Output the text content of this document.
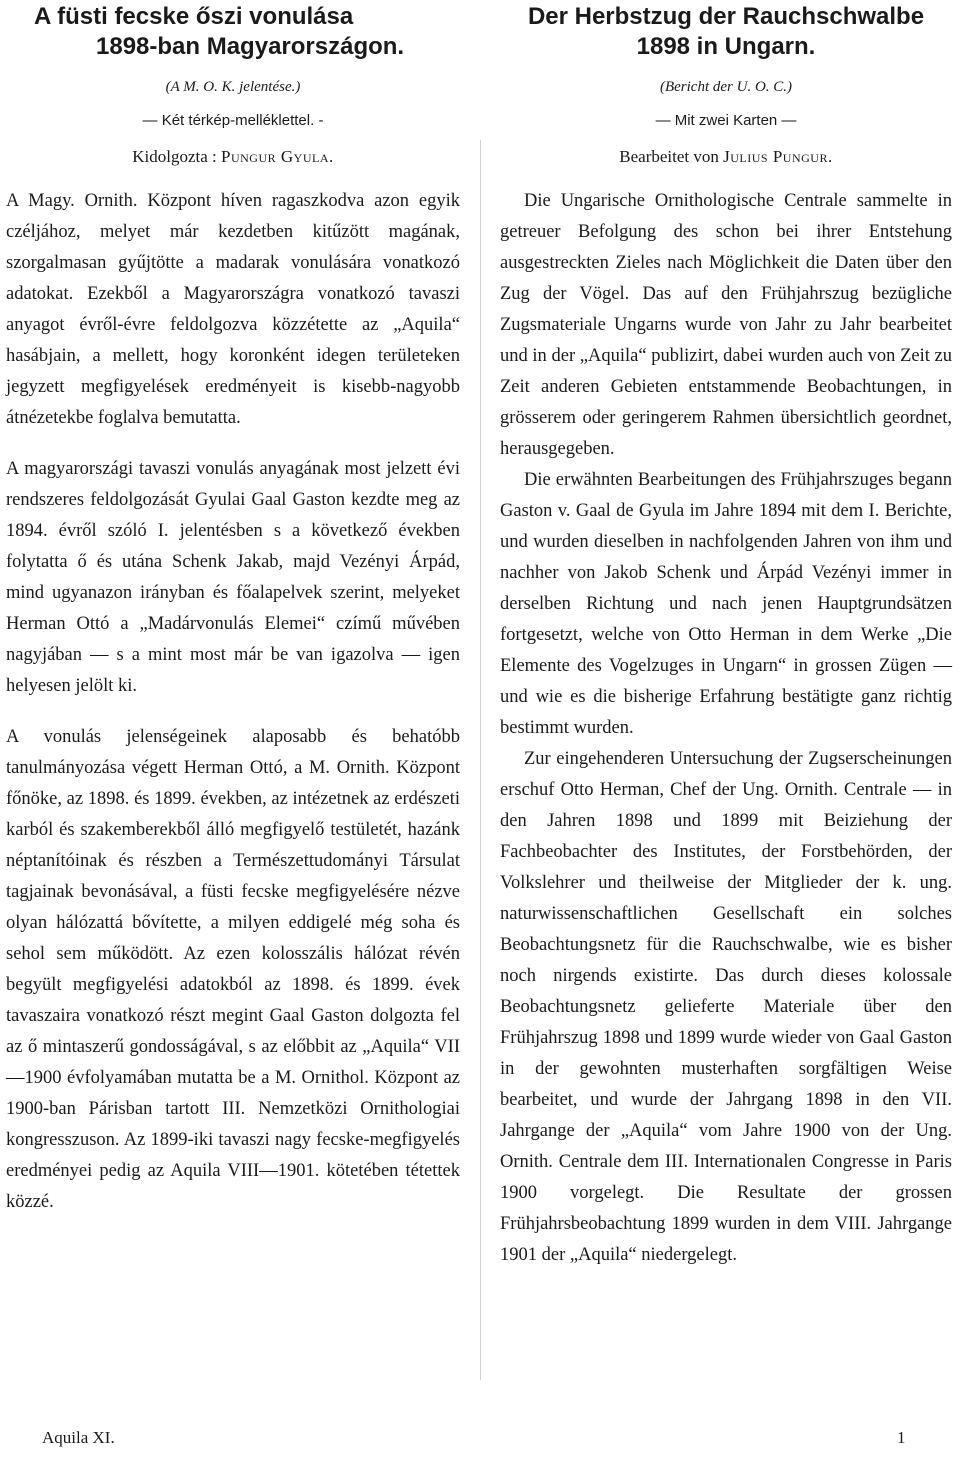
A füsti fecske őszi vonulása
1898-ban Magyarországon.

(A M. O. K. jelentése.)

— Két térkép-melléklettel. -

Kidolgozta : Pungur Gyula.

A Magy. Ornith. Központ híven ragaszkodva azon egyik czéljához, melyet már kezdetben kitűzött magának, szorgalmasan gyűjtötte a madarak vonulására vonatkozó adatokat. Ezekből a Magyarországra vonatkozó tavaszi anyagot évről-évre feldolgozva közzétette az „Aquila“ hasábjain, a mellett, hogy koronként idegen területeken jegyzett megfigyelések eredményeit is kisebb-nagyobb átnézetekbe foglalva bemutatta.

A magyarországi tavaszi vonulás anyagának most jelzett évi rendszeres feldolgozását Gyulai Gaal Gaston kezdte meg az 1894. évről szóló I. jelentésben s a következő években folytatta ő és utána Schenk Jakab, majd Vezényi Árpád, mind ugyanazon irányban és főalapelvek szerint, melyeket Herman Ottó a „Madárvonulás Elemei“ czímű művében nagyjában — s a mint most már be van igazolva — igen helyesen jelölt ki.

A vonulás jelenségeinek alaposabb és behatóbb tanulmányozása végett Herman Ottó, a M. Ornith. Központ főnöke, az 1898. és 1899. években, az intézetnek az erdészeti karból és szakemberekből álló megfigyelő testületét, hazánk néptanítóinak és részben a Természettudományi Társulat tagjainak bevonásával, a füsti fecske megfigyelésére nézve olyan hálózattá bővítette, a milyen eddigelé még soha és sehol sem működött. Az ezen kolosszális hálózat révén begyült megfigyelési adatokból az 1898. és 1899. évek tavaszaira vonatkozó részt megint Gaal Gaston dolgozta fel az ő mintaszerű gondosságával, s az előbbit az „Aquila“ VII—1900 évfolyamában mutatta be a M. Ornithol. Központ az 1900-ban Párisban tartott III. Nemzetközi Ornithologiai kongresszuson. Az 1899-iki tavaszi nagy fecske-megfigyelés eredményei pedig az Aquila VIII—1901. kötetében tétettek közzé.

Der Herbstzug der Rauchschwalbe
1898 in Ungarn.

(Bericht der U. O. C.)

— Mit zwei Karten —

Bearbeitet von Julius Pungur.

Die Ungarische Ornithologische Centrale sammelte in getreuer Befolgung des schon bei ihrer Entstehung ausgestreckten Zieles nach Möglichkeit die Daten über den Zug der Vögel. Das auf den Frühjahrszug bezügliche Zugsmateriale Ungarns wurde von Jahr zu Jahr bearbeitet und in der „Aquila“ publizirt, dabei wurden auch von Zeit zu Zeit anderen Gebieten entstammende Beobachtungen, in grösserem oder geringerem Rahmen übersichtlich geordnet, herausgegeben.

Die erwähnten Bearbeitungen des Frühjahrszuges begann Gaston v. Gaal de Gyula im Jahre 1894 mit dem I. Berichte, und wurden dieselben in nachfolgenden Jahren von ihm und nachher von Jakob Schenk und Árpád Vezényi immer in derselben Richtung und nach jenen Hauptgrundsätzen fortgesetzt, welche von Otto Herman in dem Werke „Die Elemente des Vogelzuges in Ungarn“ in grossen Zügen — und wie es die bisherige Erfahrung bestätigte ganz richtig bestimmt wurden.

Zur eingehenderen Untersuchung der Zugserscheinungen erschuf Otto Herman, Chef der Ung. Ornith. Centrale — in den Jahren 1898 und 1899 mit Beiziehung der Fachbeobachter des Institutes, der Forstbehörden, der Volkslehrer und theilweise der Mitglieder der k. ung. naturwissenschaftlichen Gesellschaft ein solches Beobachtungsnetz für die Rauchschwalbe, wie es bisher noch nirgends existirte. Das durch dieses kolossale Beobachtungsnetz gelieferte Materiale über den Frühjahrszug 1898 und 1899 wurde wieder von Gaal Gaston in der gewohnten musterhaften sorgfältigen Weise bearbeitet, und wurde der Jahrgang 1898 in den VII. Jahrgange der „Aquila“ vom Jahre 1900 von der Ung. Ornith. Centrale dem III. Internationalen Congresse in Paris 1900 vorgelegt. Die Resultate der grossen Frühjahrsbeobachtung 1899 wurden in dem VIII. Jahrgange 1901 der „Aquila“ niedergelegt.

Aquila XI.	1
